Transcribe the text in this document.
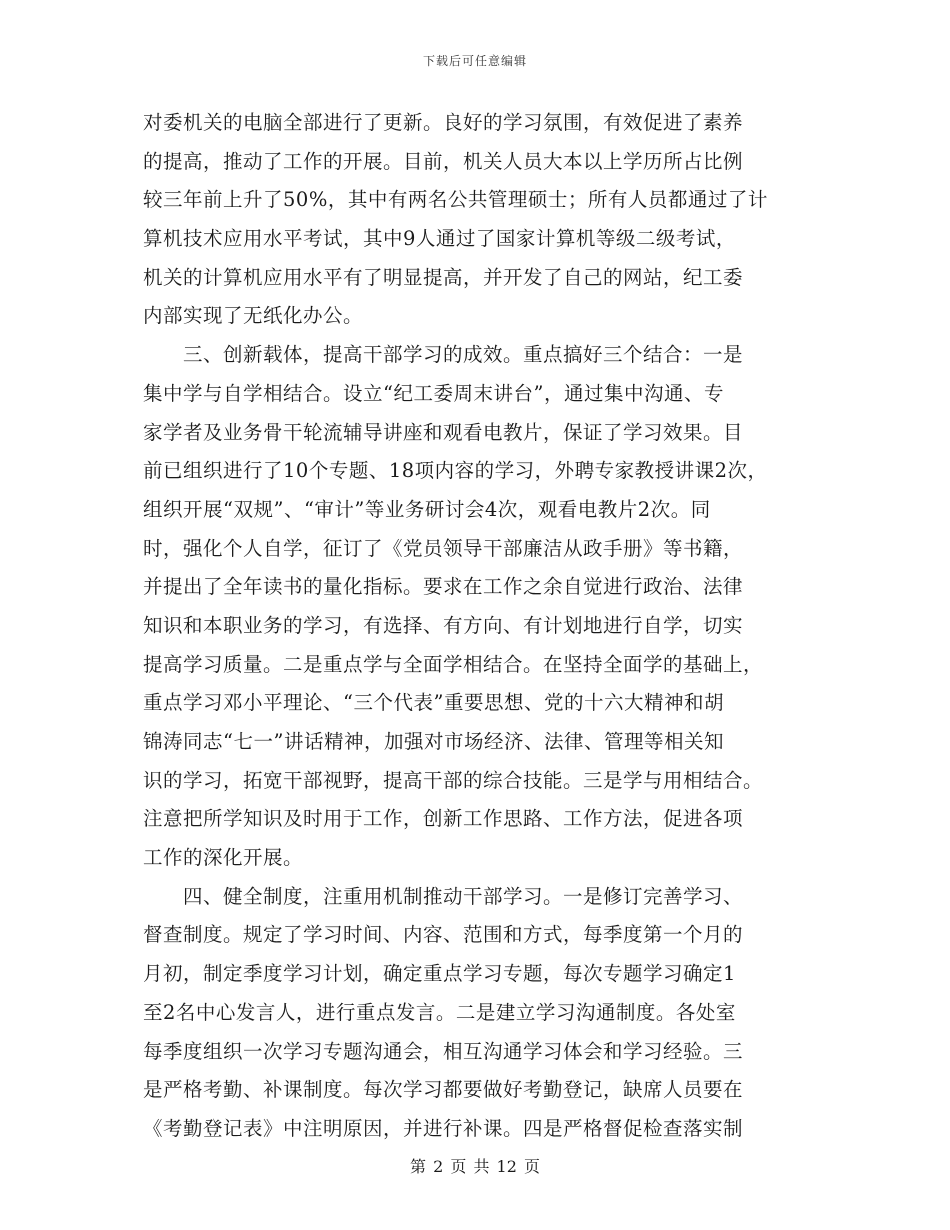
下载后可任意编辑
对委机关的电脑全部进行了更新。良好的学习氛围，有效促进了素养
的提高，推动了工作的开展。目前，机关人员大本以上学历所占比例
较三年前上升了50%，其中有两名公共管理硕士；所有人员都通过了计
算机技术应用水平考试，其中9人通过了国家计算机等级二级考试，
机关的计算机应用水平有了明显提高，并开发了自己的网站，纪工委
内部实现了无纸化办公。
　　三、创新载体，提高干部学习的成效。重点搞好三个结合：一是
集中学与自学相结合。设立“纪工委周末讲台”，通过集中沟通、专
家学者及业务骨干轮流辅导讲座和观看电教片，保证了学习效果。目
前已组织进行了10个专题、18项内容的学习，外聘专家教授讲课2次，
组织开展“双规”、“审计”等业务研讨会4次，观看电教片2次。同
时，强化个人自学，征订了《党员领导干部廉洁从政手册》等书籍，
并提出了全年读书的量化指标。要求在工作之余自觉进行政治、法律
知识和本职业务的学习，有选择、有方向、有计划地进行自学，切实
提高学习质量。二是重点学与全面学相结合。在坚持全面学的基础上，
重点学习邓小平理论、“三个代表”重要思想、党的十六大精神和胡
锦涛同志“七一”讲话精神，加强对市场经济、法律、管理等相关知
识的学习，拓宽干部视野，提高干部的综合技能。三是学与用相结合。
注意把所学知识及时用于工作，创新工作思路、工作方法，促进各项
工作的深化开展。
　　四、健全制度，注重用机制推动干部学习。一是修订完善学习、
督查制度。规定了学习时间、内容、范围和方式，每季度第一个月的
月初，制定季度学习计划，确定重点学习专题，每次专题学习确定1
至2名中心发言人，进行重点发言。二是建立学习沟通制度。各处室
每季度组织一次学习专题沟通会，相互沟通学习体会和学习经验。三
是严格考勤、补课制度。每次学习都要做好考勤登记，缺席人员要在
《考勤登记表》中注明原因，并进行补课。四是严格督促检查落实制
第 2 页 共 12 页
